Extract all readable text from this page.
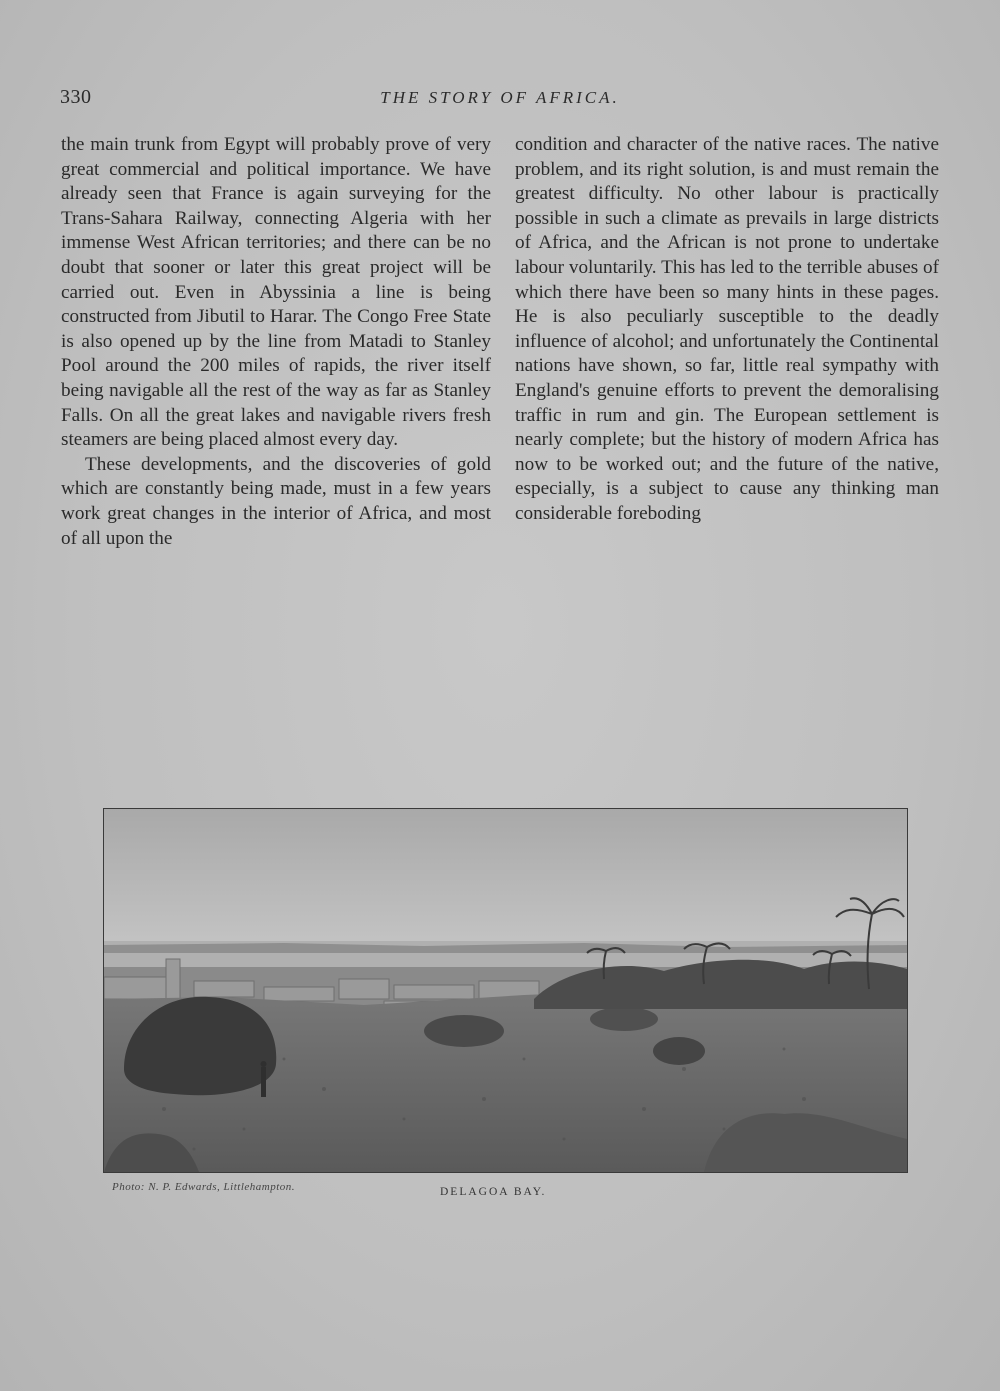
330	THE STORY OF AFRICA.

the main trunk from Egypt will probably prove of very great commercial and political importance. We have already seen that France is again surveying for the Trans-Sahara Railway, connecting Algeria with her immense West African territories; and there can be no doubt that sooner or later this great project will be carried out. Even in Abyssinia a line is being constructed from Jibutil to Harar. The Congo Free State is also opened up by the line from Matadi to Stanley Pool around the 200 miles of rapids, the river itself being navigable all the rest of the way as far as Stanley Falls. On all the great lakes and navigable rivers fresh steamers are being placed almost every day.

These developments, and the discoveries of gold which are constantly being made, must in a few years work great changes in the interior of Africa, and most of all upon the

condition and character of the native races. The native problem, and its right solution, is and must remain the greatest difficulty. No other labour is practically possible in such a climate as prevails in large districts of Africa, and the African is not prone to undertake labour voluntarily. This has led to the terrible abuses of which there have been so many hints in these pages. He is also peculiarly susceptible to the deadly influence of alcohol; and unfortunately the Continental nations have shown, so far, little real sympathy with England's genuine efforts to prevent the demoralising traffic in rum and gin. The European settlement is nearly complete; but the history of modern Africa has now to be worked out; and the future of the native, especially, is a subject to cause any thinking man considerable foreboding

Photo: N. P. Edwards, Littlehampton.	DELAGOA BAY.
